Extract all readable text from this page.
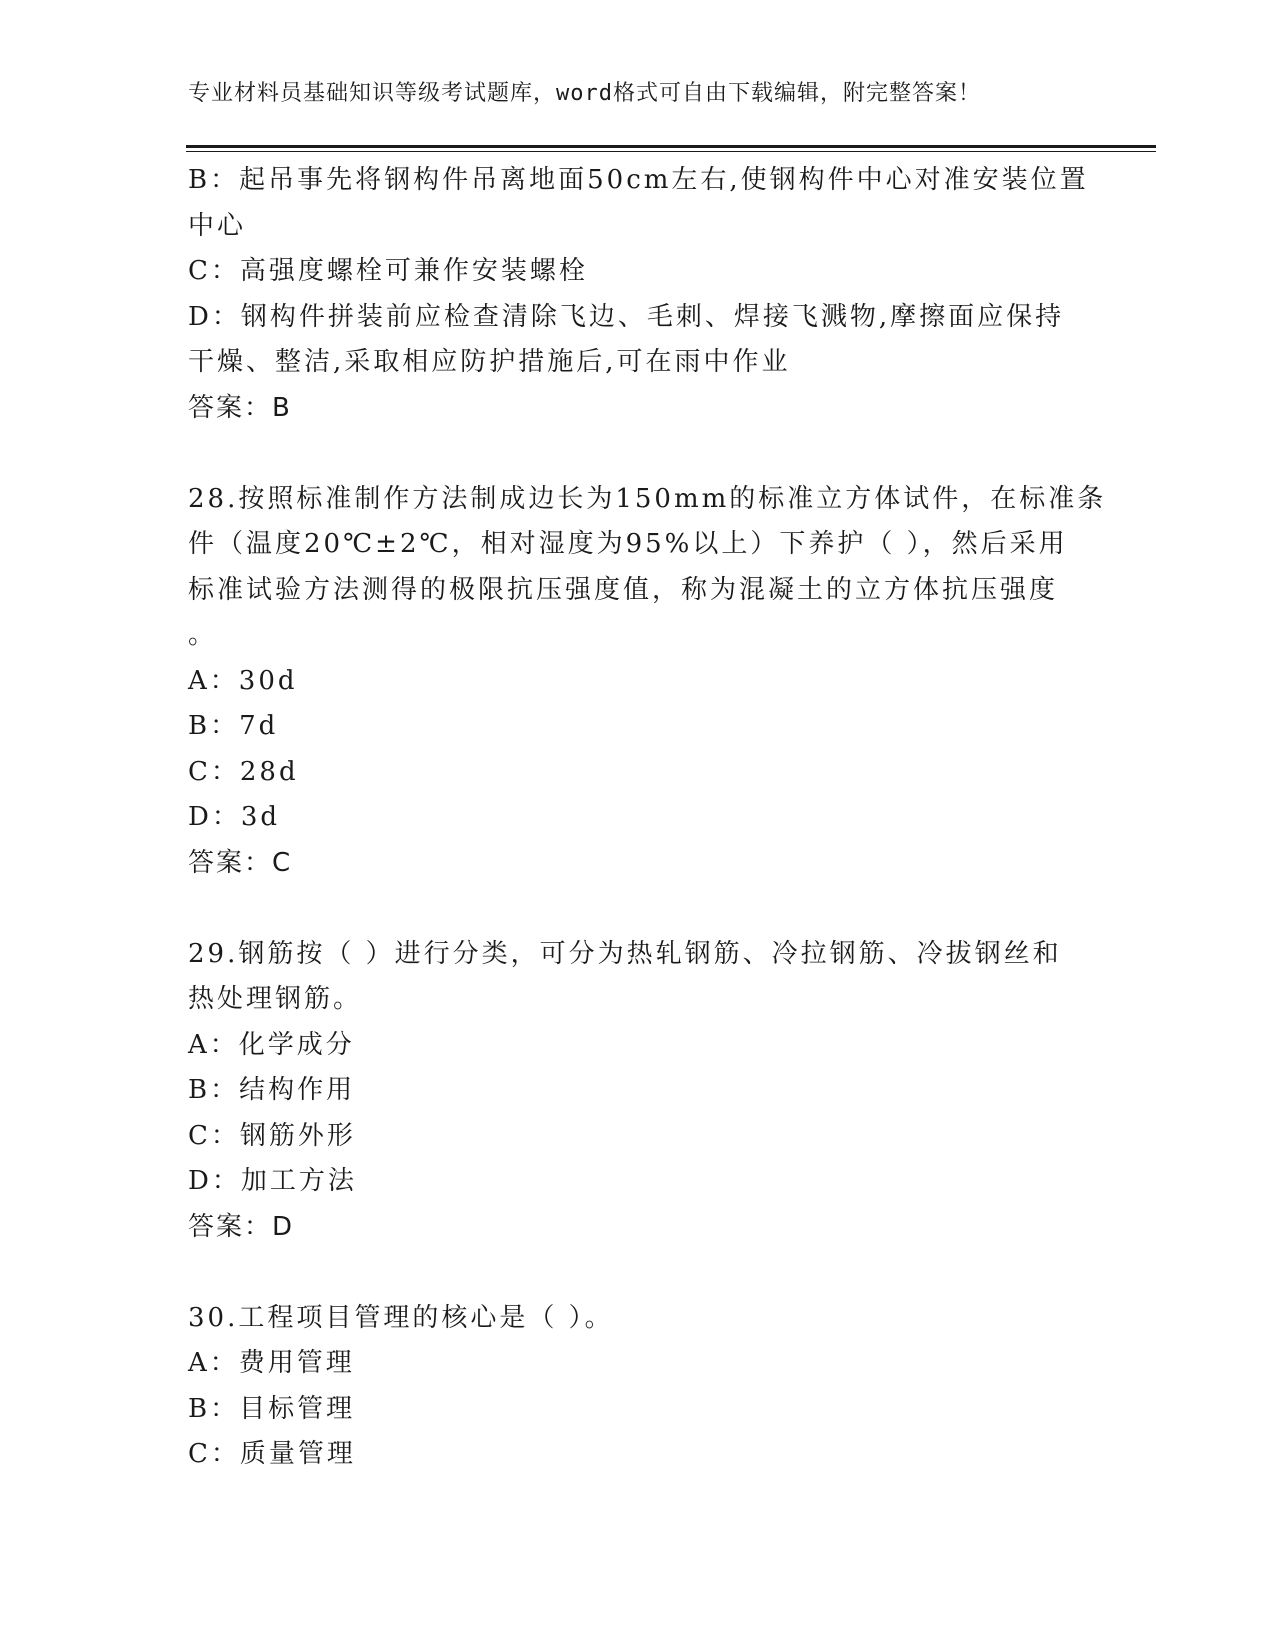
专业材料员基础知识等级考试题库，word格式可自由下载编辑，附完整答案！
B：起吊事先将钢构件吊离地面50cm左右,使钢构件中心对准安装位置
中心
C：高强度螺栓可兼作安装螺栓
D：钢构件拼装前应检查清除飞边、毛刺、焊接飞溅物,摩擦面应保持
干燥、整洁,采取相应防护措施后,可在雨中作业
答案：B
28.按照标准制作方法制成边长为150mm的标准立方体试件，在标准条
件（温度20℃±2℃，相对湿度为95%以上）下养护（ ），然后采用
标准试验方法测得的极限抗压强度值，称为混凝土的立方体抗压强度
。
A：30d
B：7d
C：28d
D：3d
答案：C
29.钢筋按（ ）进行分类，可分为热轧钢筋、冷拉钢筋、冷拔钢丝和
热处理钢筋。
A：化学成分
B：结构作用
C：钢筋外形
D：加工方法
答案：D
30.工程项目管理的核心是（ ）。
A：费用管理
B：目标管理
C：质量管理
